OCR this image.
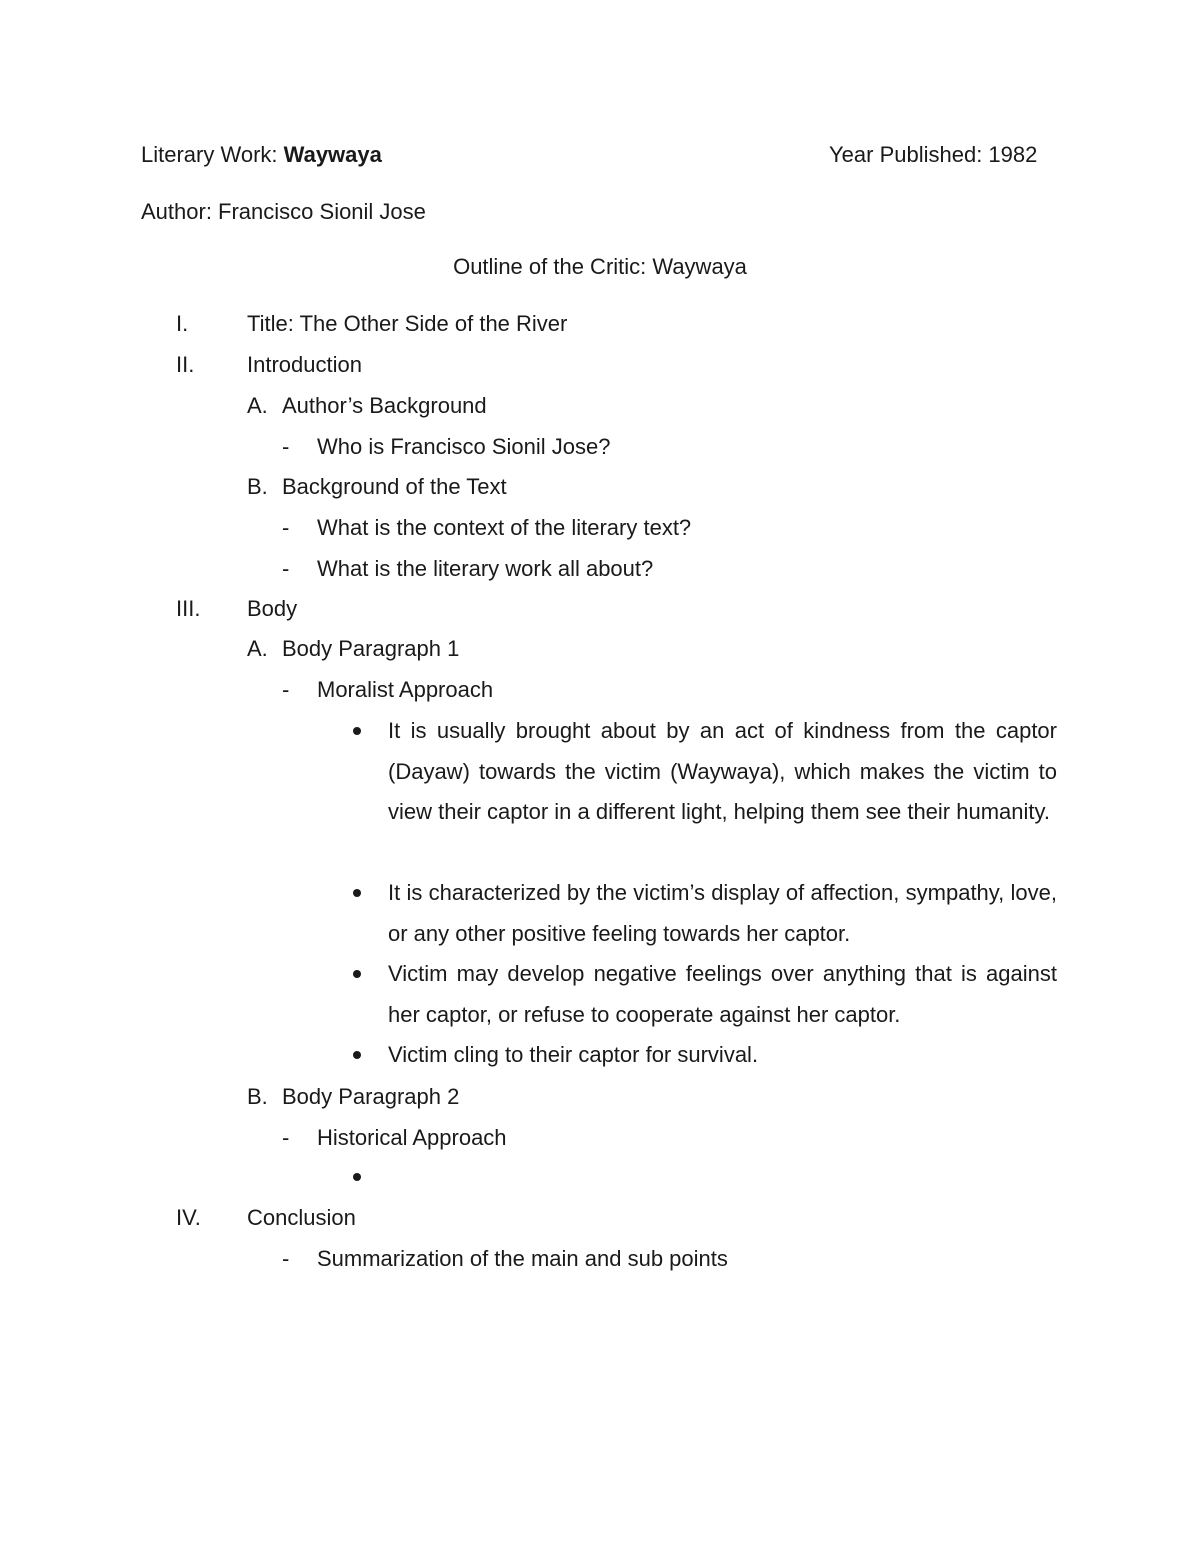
Literary Work: Waywaya	Year Published: 1982
Author: Francisco Sionil Jose
Outline of the Critic: Waywaya
I.	Title: The Other Side of the River
II. Introduction
A. Author’s Background
- Who is Francisco Sionil Jose?
B. Background of the Text
- What is the context of the literary text?
- What is the literary work all about?
III. Body
A. Body Paragraph 1
- Moralist Approach
It is usually brought about by an act of kindness from the captor (Dayaw) towards the victim (Waywaya), which makes the victim to view their captor in a different light, helping them see their humanity.
It is characterized by the victim’s display of affection, sympathy, love, or any other positive feeling towards her captor.
Victim may develop negative feelings over anything that is against her captor, or refuse to cooperate against her captor.
Victim cling to their captor for survival.
B. Body Paragraph 2
- Historical Approach
IV. Conclusion
- Summarization of the main and sub points
